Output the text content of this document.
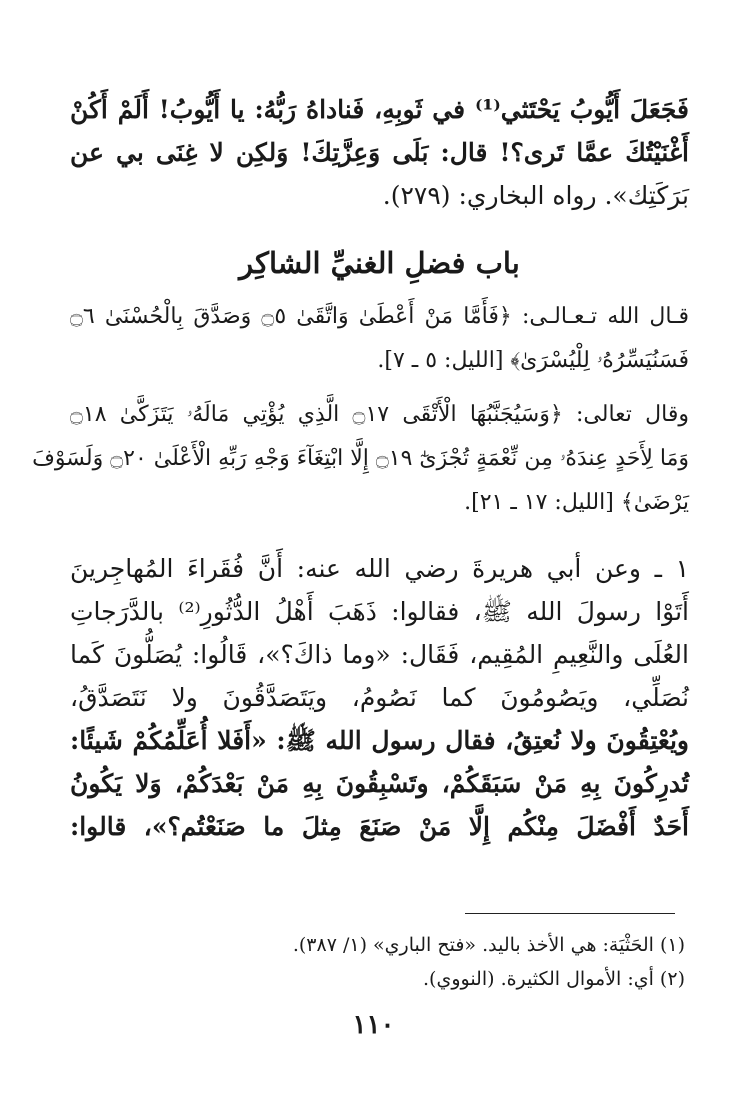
فَجَعَلَ أَيُّوبُ يَحْتَثي⁽¹⁾ في ثَوبِهِ، فَناداهُ رَبُّهُ: يا أَيُّوبُ! أَلَمْ أَكُنْ
أَغْنَيْتُكَ عمَّا تَرى؟! قال: بَلَى وَعِزَّتِكَ! وَلكِن لا غِنَى بي عن
بَرَكَتِك». رواه البخاري: (٢٧٩).
باب فضلِ الغنيِّ الشاكِر
قـال الله تـعـالـى: ﴿فَأَمَّا مَنْ أَعْطَىٰ وَاتَّقَىٰ ۝٥ وَصَدَّقَ بِالْحُسْنَىٰ ۝٦
فَسَنُيَسِّرُهُۥ لِلْيُسْرَىٰ﴾ [الليل: ٥ ـ ٧].
وقال تعالى: ﴿وَسَيُجَنَّبُهَا الْأَتْقَى ۝١٧ الَّذِي يُؤْتِي مَالَهُۥ يَتَزَكَّىٰ ۝١٨
وَمَا لِأَحَدٍ عِندَهُۥ مِن نِّعْمَةٍ تُجْزَىٰٓ ۝١٩ إِلَّا ابْتِغَآءَ وَجْهِ رَبِّهِ الْأَعْلَىٰ ۝٢٠ وَلَسَوْفَ
يَرْضَىٰ﴾ [الليل: ١٧ ـ ٢١].
١ ـ وعن أبي هريرةَ رضي الله عنه: أَنَّ فُقَراءَ المُهاجِرينَ
أَتَوْا رسولَ الله ﷺ، فقالوا: ذَهَبَ أَهْلُ الدُّثُورِ⁽²⁾ بالدَّرَجاتِ
العُلَى والنَّعِيمِ المُقِيم، فَقَال: «وما ذاكَ؟»، قَالُوا: يُصَلُّونَ كَما
نُصَلِّي، ويَصُومُونَ كما نَصُومُ، ويَتَصَدَّقُونَ ولا نَتَصَدَّقُ،
ويُعْتِقُونَ ولا نُعتِقُ، فقال رسول الله ﷺ: «أَفَلا أُعَلِّمُكُمْ شَيئًا:
تُدرِكُونَ بِهِ مَنْ سَبَقَكُمْ، وتَسْبِقُونَ بِهِ مَنْ بَعْدَكُمْ، وَلا يَكُونُ
أَحَدٌ أَفْضَلَ مِنْكُم إِلَّا مَنْ صَنَعَ مِثلَ ما صَنَعْتُم؟»، قالوا:
(١) الحَثْيَة: هي الأخذ باليد. «فتح الباري» (١/ ٣٨٧).
(٢) أي: الأموال الكثيرة. (النووي).
١١٠
